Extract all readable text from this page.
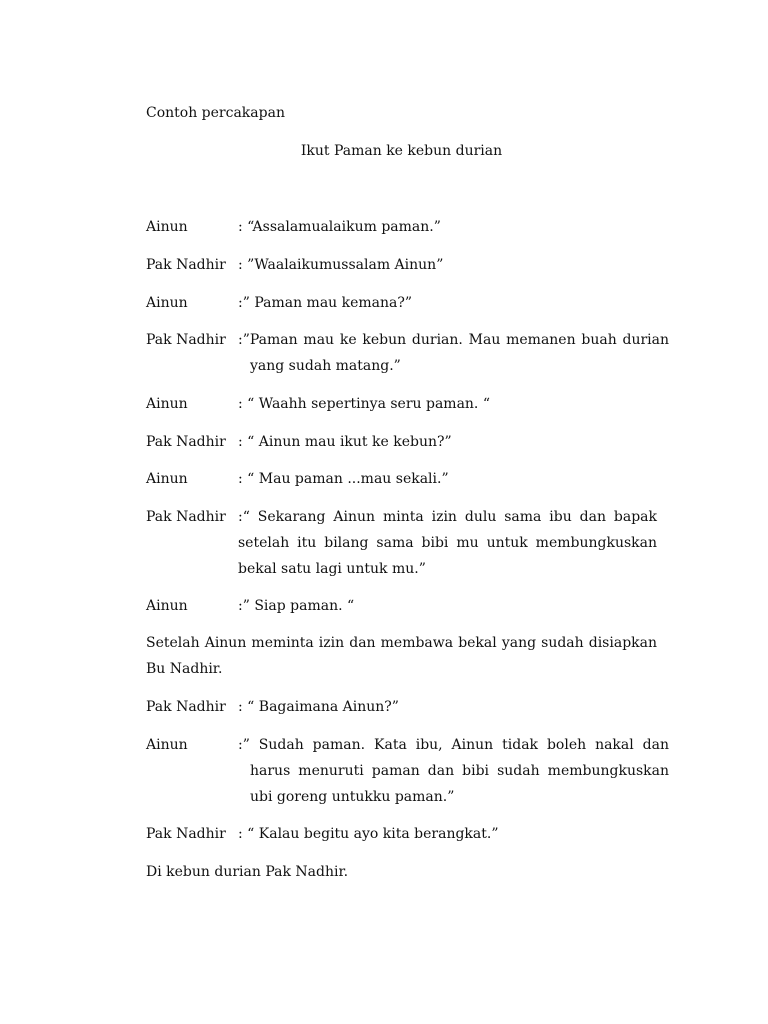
Contoh percakapan
Ikut Paman ke kebun durian
Ainun	: “Assalamualaikum paman.”
Pak Nadhir : ”Waalaikumussalam Ainun”
Ainun	:” Paman mau kemana?”
Pak Nadhir :”Paman mau ke kebun durian. Mau memanen buah durian yang sudah matang.”
Ainun	: “ Waahh sepertinya seru paman. “
Pak Nadhir : “ Ainun mau ikut ke kebun?”
Ainun	: “ Mau paman ...mau sekali.”
Pak Nadhir :“ Sekarang Ainun minta izin dulu sama ibu dan bapak setelah itu bilang sama bibi mu untuk membungkuskan bekal satu lagi untuk mu.”
Ainun	:” Siap paman. “
Setelah Ainun meminta izin dan membawa bekal yang sudah disiapkan Bu Nadhir.
Pak Nadhir : “ Bagaimana Ainun?”
Ainun	:” Sudah paman. Kata ibu, Ainun tidak boleh nakal dan harus menuruti paman dan bibi sudah membungkuskan ubi goreng untukku paman.”
Pak Nadhir : “ Kalau begitu ayo kita berangkat.”
Di kebun durian Pak Nadhir.
